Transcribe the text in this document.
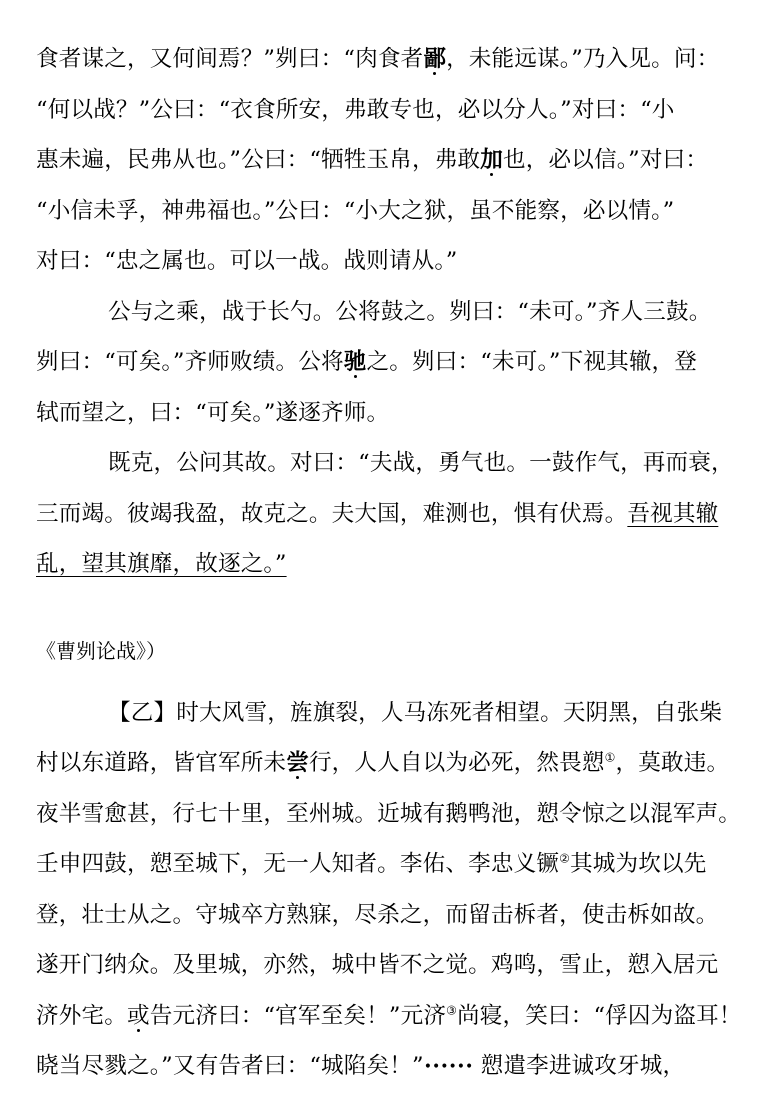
食者谋之，又何间焉？”刿曰：“肉食者鄙，未能远谋。”乃入见。问：
“何以战？”公曰：“衣食所安，弗敢专也，必以分人。”对曰：“小
惠未遍，民弗从也。”公曰：“牺牲玉帛，弗敢加也，必以信。”对曰：
“小信未孚，神弗福也。”公曰：“小大之狱，虽不能察，必以情。”
对曰：“忠之属也。可以一战。战则请从。”
公与之乘，战于长勺。公将鼓之。刿曰：“未可。”齐人三鼓。
刿曰：“可矣。”齐师败绩。公将驰之。刿曰：“未可。”下视其辙，登
轼而望之，曰：“可矣。”遂逐齐师。
既克，公问其故。对曰：“夫战，勇气也。一鼓作气，再而衰，
三而竭。彼竭我盈，故克之。夫大国，难测也，惧有伏焉。吾视其辙
乱，望其旗靡，故逐之。”
《曹刿论战》）
【乙】时大风雪，旌旗裂，人马冻死者相望。天阴黑，自张柴
村以东道路，皆官军所未尝行，人人自以为必死，然畏愬①，莫敢违。
夜半雪愈甚，行七十里，至州城。近城有鹅鸭池，愬令惊之以混军声。
壬申四鼓，愬至城下，无一人知者。李佑、李忠义镢②其城为坎以先
登，壮士从之。守城卒方熟寐，尽杀之，而留击柝者，使击柝如故。
遂开门纳众。及里城，亦然，城中皆不之觉。鸡鸣，雪止，愬入居元
济外宅。或告元济曰：“官军至矣！”元济③尚寝，笑曰：“俘囚为盗耳！
晓当尽戮之。”又有告者曰：“城陷矣！”•••••• 愬遣李进诚攻牙城，
